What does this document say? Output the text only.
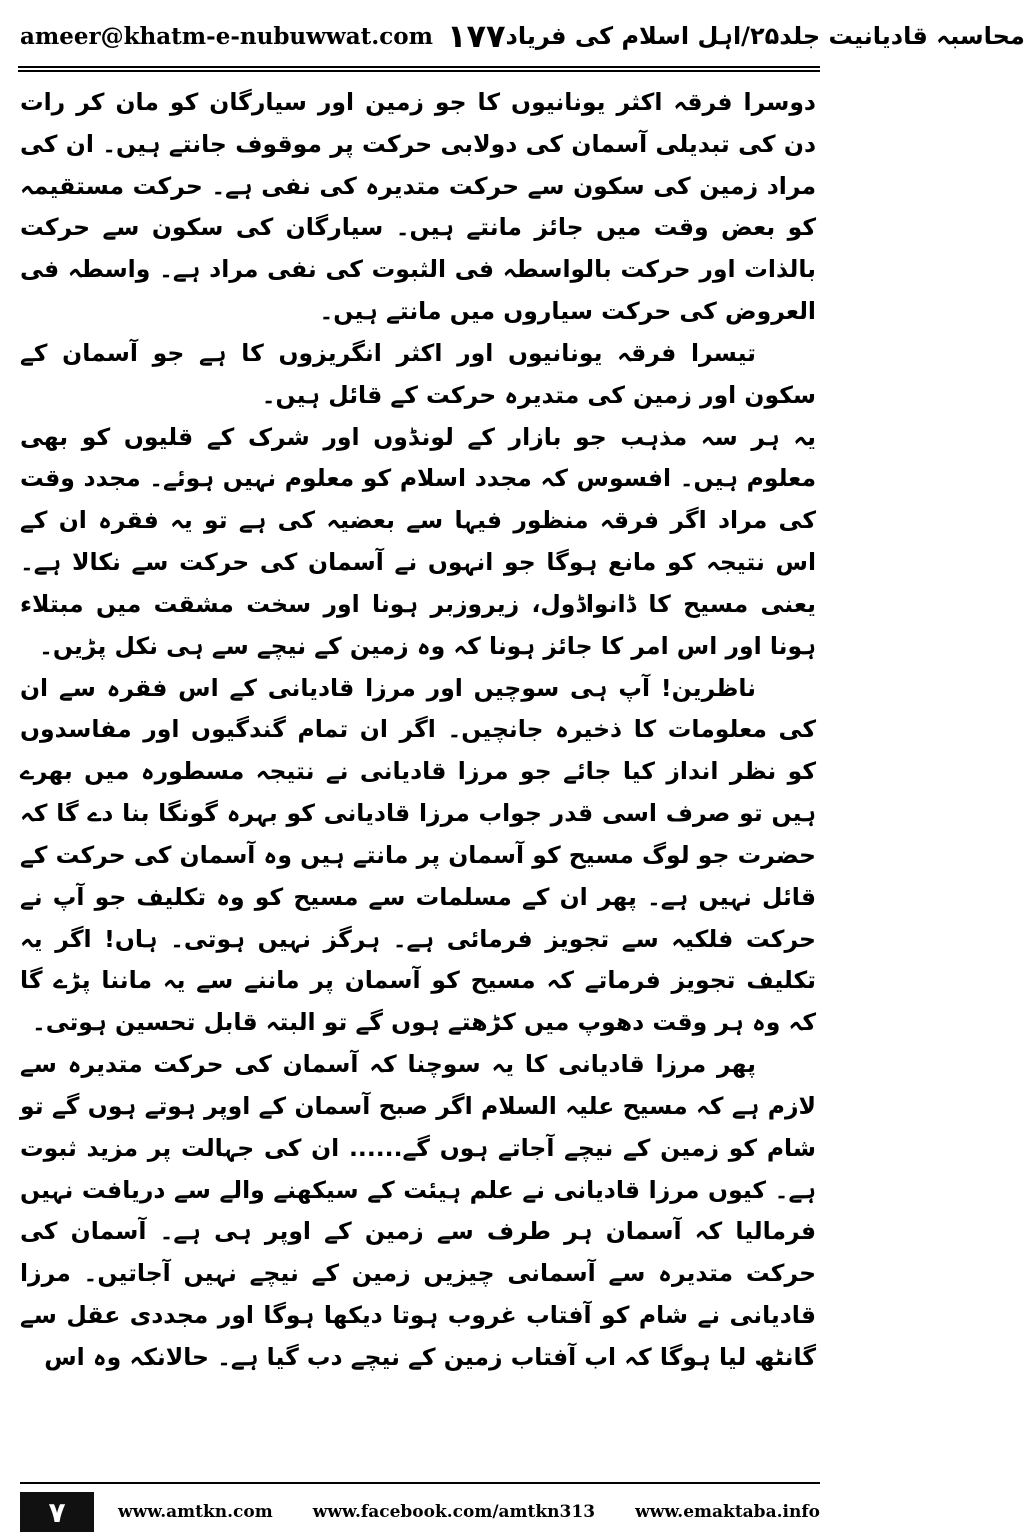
ameer@khatm-e-nubuwwat.com ۱۷۷ محاسبہ قادیانیت جلد۲۵/اہل اسلام کی فریاد

دوسرا فرقہ اکثر یونانیوں کا جو زمین اور سیارگان کو مان کر رات دن کی تبدیلی آسمان کی دولابی حرکت پر موقوف جانتے ہیں۔ ان کی مراد زمین کی سکون سے حرکت متدیرہ کی نفی ہے۔ حرکت مستقیمہ کو بعض وقت میں جائز مانتے ہیں۔ سیارگان کی سکون سے حرکت بالذات اور حرکت بالواسطہ فی الثبوت کی نفی مراد ہے۔ واسطہ فی العروض کی حرکت سیاروں میں مانتے ہیں۔

تیسرا فرقہ یونانیوں اور اکثر انگریزوں کا ہے جو آسمان کے سکون اور زمین کی متدیرہ حرکت کے قائل ہیں۔

یہ ہر سہ مذہب جو بازار کے لونڈوں اور شرک کے قلیوں کو بھی معلوم ہیں۔ افسوس کہ مجدد اسلام کو معلوم نہیں ہوئے۔ مجدد وقت کی مراد اگر فرقہ منظور فیہا سے بعضیہ کی ہے تو یہ فقرہ ان کے اس نتیجہ کو مانع ہوگا جو انہوں نے آسمان کی حرکت سے نکالا ہے۔ یعنی مسیح کا ڈانواڈول، زیروزبر ہونا اور سخت مشقت میں مبتلاء ہونا اور اس امر کا جائز ہونا کہ وہ زمین کے نیچے سے ہی نکل پڑیں۔

ناظرین! آپ ہی سوچیں اور مرزا قادیانی کے اس فقرہ سے ان کی معلومات کا ذخیرہ جانچیں۔ اگر ان تمام گندگیوں اور مفاسدوں کو نظر انداز کیا جائے جو مرزا قادیانی نے نتیجہ مسطورہ میں بھرے ہیں تو صرف اسی قدر جواب مرزا قادیانی کو بہرہ گونگا بنا دے گا کہ حضرت جو لوگ مسیح کو آسمان پر مانتے ہیں وہ آسمان کی حرکت کے قائل نہیں ہے۔ پھر ان کے مسلمات سے مسیح کو وہ تکلیف جو آپ نے حرکت فلکیہ سے تجویز فرمائی ہے۔ ہرگز نہیں ہوتی۔ ہاں! اگر یہ تکلیف تجویز فرماتے کہ مسیح کو آسمان پر ماننے سے یہ ماننا پڑے گا کہ وہ ہر وقت دھوپ میں کڑھتے ہوں گے تو البتہ قابل تحسین ہوتی۔

پھر مرزا قادیانی کا یہ سوچنا کہ آسمان کی حرکت متدیرہ سے لازم ہے کہ مسیح علیہ السلام اگر صبح آسمان کے اوپر ہوتے ہوں گے تو شام کو زمین کے نیچے آجاتے ہوں گے...... ان کی جہالت پر مزید ثبوت ہے۔ کیوں مرزا قادیانی نے علم ہیئت کے سیکھنے والے سے دریافت نہیں فرمالیا کہ آسمان ہر طرف سے زمین کے اوپر ہی ہے۔ آسمان کی حرکت متدیرہ سے آسمانی چیزیں زمین کے نیچے نہیں آجاتیں۔ مرزا قادیانی نے شام کو آفتاب غروب ہوتا دیکھا ہوگا اور مجددی عقل سے گانٹھ لیا ہوگا کہ اب آفتاب زمین کے نیچے دب گیا ہے۔ حالانکہ وہ اس

۷	www.amtkn.com www.facebook.com/amtkn313 www.emaktaba.info
